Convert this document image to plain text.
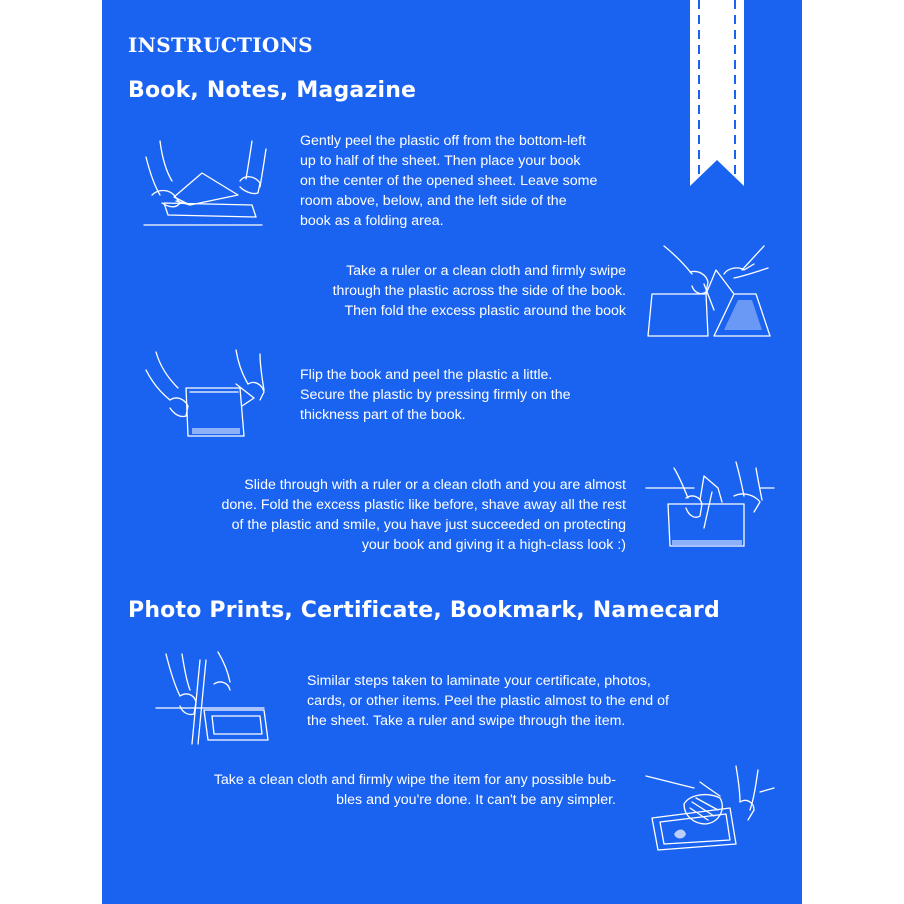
INSTRUCTIONS
Book, Notes, Magazine
Gently peel the plastic off from the bottom-left
up to half of the sheet. Then place your book
on the center of the opened sheet. Leave some
room above, below, and the left side of the
book as a folding area.
Take a ruler or a clean cloth and firmly swipe
through the plastic across the side of the book.
Then fold the excess plastic around the book
Flip the book and peel the plastic a little.
Secure the plastic by pressing firmly on the
thickness part of the book.
Slide through with a ruler or a clean cloth and you are almost
done. Fold the excess plastic like before, shave away all the rest
of the plastic and smile, you have just succeeded on protecting
your book and giving it a high-class look :)
Photo Prints, Certificate, Bookmark, Namecard
Similar steps taken to laminate your certificate, photos,
cards, or other items. Peel the plastic almost to the end of
the sheet. Take a ruler and swipe through the item.
Take a clean cloth and firmly wipe the item for any possible bub-
bles and you're done. It can't be any simpler.
